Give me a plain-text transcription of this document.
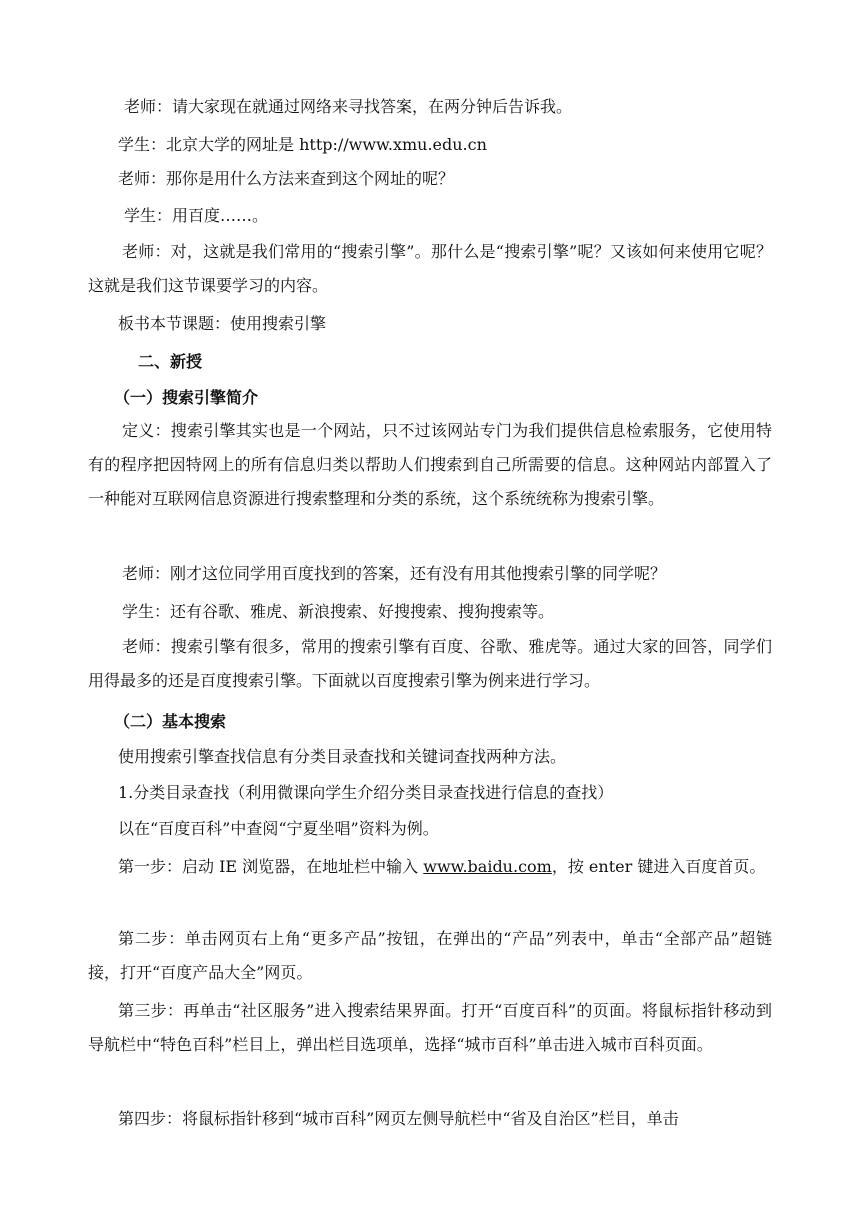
老师：请大家现在就通过网络来寻找答案，在两分钟后告诉我。

学生：北京大学的网址是 http://www.xmu.edu.cn

老师：那你是用什么方法来查到这个网址的呢？

学生：用百度……。

老师：对，这就是我们常用的“搜索引擎”。那什么是“搜索引擎”呢？又该如何来使用它呢？这就是我们这节课要学习的内容。

板书本节课题：使用搜索引擎

二、新授

（一）搜索引擎简介

定义：搜索引擎其实也是一个网站，只不过该网站专门为我们提供信息检索服务，它使用特有的程序把因特网上的所有信息归类以帮助人们搜索到自己所需要的信息。这种网站内部置入了一种能对互联网信息资源进行搜索整理和分类的系统，这个系统统称为搜索引擎。

老师：刚才这位同学用百度找到的答案，还有没有用其他搜索引擎的同学呢？

学生：还有谷歌、雅虎、新浪搜索、好搜搜索、搜狗搜索等。

老师：搜索引擎有很多，常用的搜索引擎有百度、谷歌、雅虎等。通过大家的回答，同学们用得最多的还是百度搜索引擎。下面就以百度搜索引擎为例来进行学习。

（二）基本搜索

使用搜索引擎查找信息有分类目录查找和关键词查找两种方法。

1.分类目录查找（利用微课向学生介绍分类目录查找进行信息的查找）

以在“百度百科”中查阅“宁夏坐唱”资料为例。

第一步：启动 IE 浏览器，在地址栏中输入 www.baidu.com，按 enter 键进入百度首页。

第二步：单击网页右上角“更多产品”按钮，在弹出的“产品”列表中，单击“全部产品”超链接，打开“百度产品大全”网页。

第三步：再单击“社区服务”进入搜索结果界面。打开“百度百科”的页面。将鼠标指针移动到导航栏中“特色百科”栏目上，弹出栏目选项单，选择“城市百科”单击进入城市百科页面。

第四步：将鼠标指针移到“城市百科”网页左侧导航栏中“省及自治区”栏目，单击
